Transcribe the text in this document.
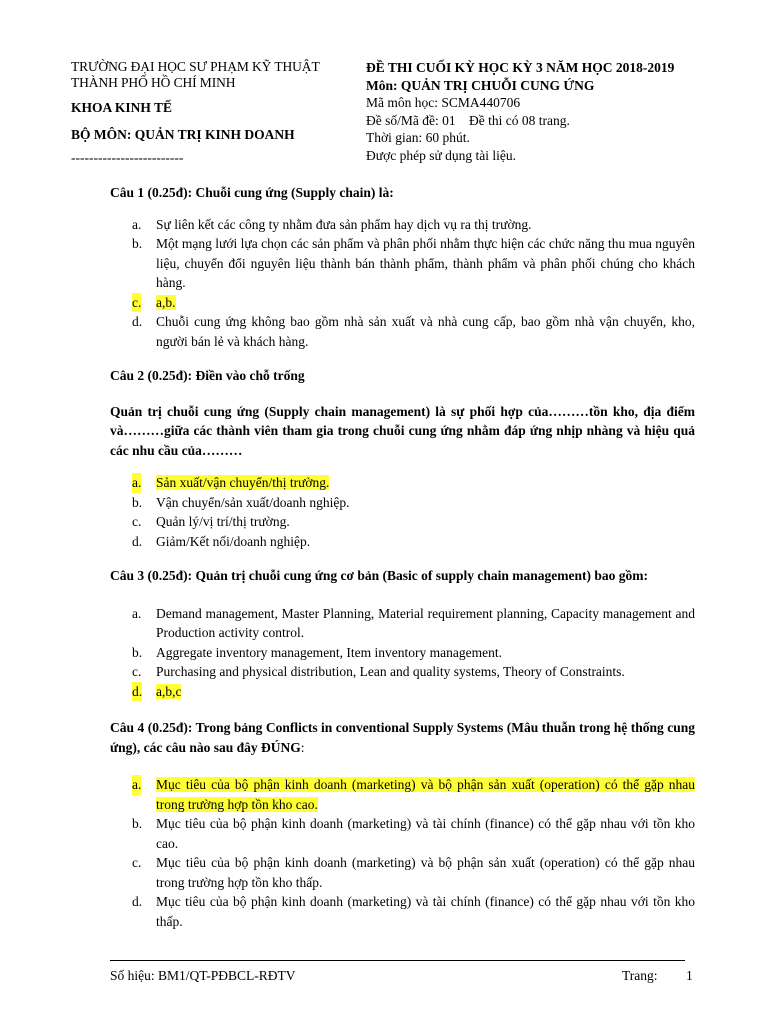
TRƯỜNG ĐẠI HỌC SƯ PHẠM KỸ THUẬT
THÀNH PHỐ HỒ CHÍ MINH
KHOA KINH TẾ
BỘ MÔN: QUẢN TRỊ KINH DOANH
-------------------------
ĐỀ THI CUỐI KỲ HỌC KỲ 3 NĂM HỌC 2018-2019
Môn: QUẢN TRỊ CHUỖI CUNG ỨNG
Mã môn học: SCMA440706
Đề số/Mã đề: 01 Đề thi có 08 trang.
Thời gian: 60 phút.
Được phép sử dụng tài liệu.
Câu 1 (0.25đ): Chuỗi cung ứng (Supply chain) là:
a. Sự liên kết các công ty nhằm đưa sản phẩm hay dịch vụ ra thị trường.
b. Một mạng lưới lựa chọn các sản phẩm và phân phối nhằm thực hiện các chức năng thu mua nguyên liệu, chuyển đổi nguyên liệu thành bán thành phẩm, thành phẩm và phân phối chúng cho khách hàng.
c. a,b.
d. Chuỗi cung ứng không bao gồm nhà sản xuất và nhà cung cấp, bao gồm nhà vận chuyển, kho, người bán lẻ và khách hàng.
Câu 2 (0.25đ): Điền vào chỗ trống
Quản trị chuỗi cung ứng (Supply chain management) là sự phối hợp của………tồn kho, địa điểm và………giữa các thành viên tham gia trong chuỗi cung ứng nhằm đáp ứng nhịp nhàng và hiệu quả các nhu cầu của………
a. Sản xuất/vận chuyển/thị trường.
b. Vận chuyển/sản xuất/doanh nghiệp.
c. Quản lý/vị trí/thị trường.
d. Giảm/Kết nối/doanh nghiệp.
Câu 3 (0.25đ): Quản trị chuỗi cung ứng cơ bản (Basic of supply chain management) bao gồm:
a. Demand management, Master Planning, Material requirement planning, Capacity management and Production activity control.
b. Aggregate inventory management, Item inventory management.
c. Purchasing and physical distribution, Lean and quality systems, Theory of Constraints.
d. a,b,c
Câu 4 (0.25đ): Trong bảng Conflicts in conventional Supply Systems (Mâu thuẫn trong hệ thống cung ứng), các câu nào sau đây ĐÚNG:
a. Mục tiêu của bộ phận kinh doanh (marketing) và bộ phận sản xuất (operation) có thể gặp nhau trong trường hợp tồn kho cao.
b. Mục tiêu của bộ phận kinh doanh (marketing) và tài chính (finance) có thể gặp nhau với tồn kho cao.
c. Mục tiêu của bộ phận kinh doanh (marketing) và bộ phận sản xuất (operation) có thể gặp nhau trong trường hợp tồn kho thấp.
d. Mục tiêu của bộ phận kinh doanh (marketing) và tài chính (finance) có thể gặp nhau với tồn kho thấp.
Số hiệu: BM1/QT-PĐBCL-RĐTV	Trang: 1
